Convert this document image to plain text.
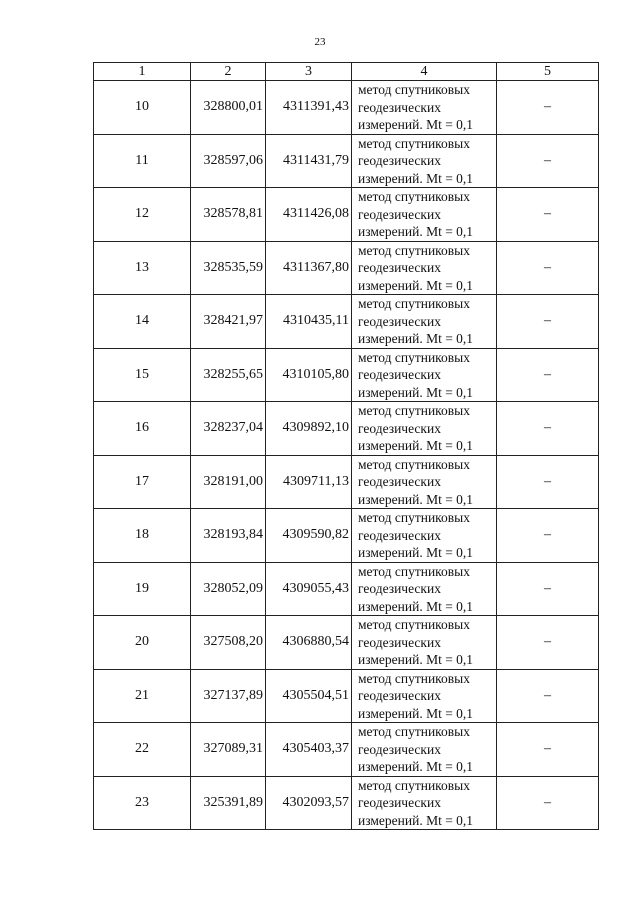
23
1	2	3	4	5
10	328800,01	4311391,43	метод спутниковых
геодезических
измерений. Mt = 0,1	–
11	328597,06	4311431,79	метод спутниковых
геодезических
измерений. Mt = 0,1	–
12	328578,81	4311426,08	метод спутниковых
геодезических
измерений. Mt = 0,1	–
13	328535,59	4311367,80	метод спутниковых
геодезических
измерений. Mt = 0,1	–
14	328421,97	4310435,11	метод спутниковых
геодезических
измерений. Mt = 0,1	–
15	328255,65	4310105,80	метод спутниковых
геодезических
измерений. Mt = 0,1	–
16	328237,04	4309892,10	метод спутниковых
геодезических
измерений. Mt = 0,1	–
17	328191,00	4309711,13	метод спутниковых
геодезических
измерений. Mt = 0,1	–
18	328193,84	4309590,82	метод спутниковых
геодезических
измерений. Mt = 0,1	–
19	328052,09	4309055,43	метод спутниковых
геодезических
измерений. Mt = 0,1	–
20	327508,20	4306880,54	метод спутниковых
геодезических
измерений. Mt = 0,1	–
21	327137,89	4305504,51	метод спутниковых
геодезических
измерений. Mt = 0,1	–
22	327089,31	4305403,37	метод спутниковых
геодезических
измерений. Mt = 0,1	–
23	325391,89	4302093,57	метод спутниковых
геодезических
измерений. Mt = 0,1	–
